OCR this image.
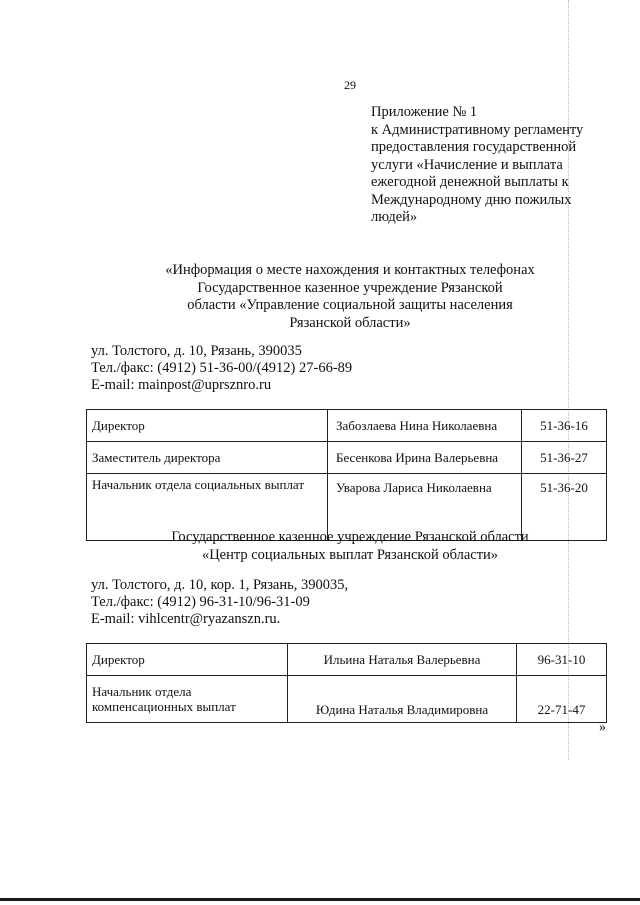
29
Приложение № 1
к Административному регламенту
предоставления государственной
услуги «Начисление и выплата
ежегодной денежной выплаты к
Международному дню пожилых
людей»
«Информация о месте нахождения и контактных телефонах
Государственное казенное учреждение Рязанской
области «Управление социальной защиты населения
Рязанской области»
ул. Толстого, д. 10, Рязань, 390035
Тел./факс: (4912) 51-36-00/(4912) 27-66-89
E-mail: mainpost@uprsznro.ru
Директор	Забозлаева Нина Николаевна	51-36-16
Заместитель директора	Бесенкова Ирина Валерьевна	51-36-27
Начальник отдела социальных выплат	Уварова Лариса Николаевна	51-36-20
Государственное казенное учреждение Рязанской области
«Центр социальных выплат Рязанской области»
ул. Толстого, д. 10, кор. 1, Рязань, 390035,
Тел./факс: (4912) 96-31-10/96-31-09
E-mail: vihlcentr@ryazanszn.ru.
Директор	Ильина Наталья Валерьевна	96-31-10
Начальник отдела компенсационных выплат	Юдина Наталья Владимировна	22-71-47
»
